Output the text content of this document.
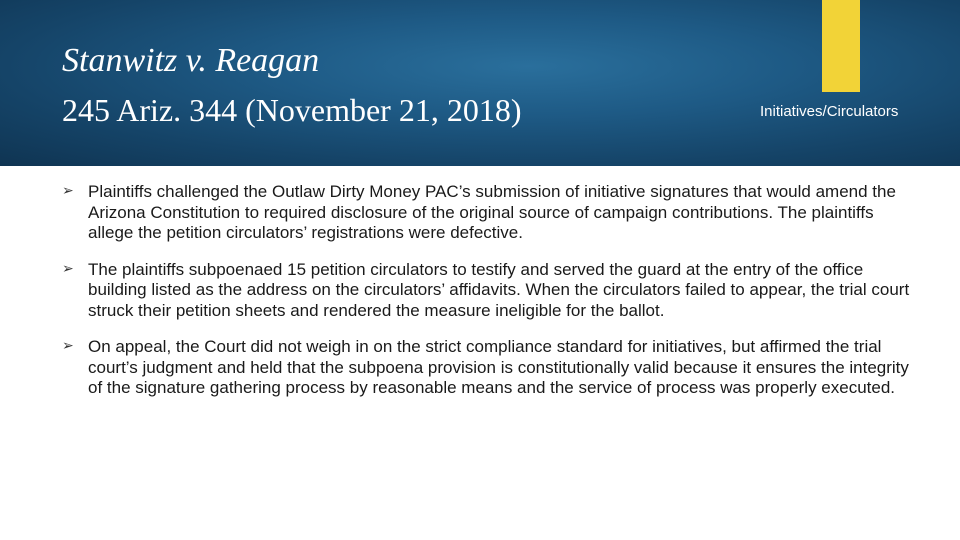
Stanwitz v. Reagan
245 Ariz. 344 (November 21, 2018)	Initiatives/Circulators
➢ Plaintiffs challenged the Outlaw Dirty Money PAC’s submission of initiative signatures that would amend the Arizona Constitution to required disclosure of the original source of campaign contributions. The plaintiffs allege the petition circulators’ registrations were defective.
➢ The plaintiffs subpoenaed 15 petition circulators to testify and served the guard at the entry of the office building listed as the address on the circulators’ affidavits. When the circulators failed to appear, the trial court struck their petition sheets and rendered the measure ineligible for the ballot.
➢ On appeal, the Court did not weigh in on the strict compliance standard for initiatives, but affirmed the trial court’s judgment and held that the subpoena provision is constitutionally valid because it ensures the integrity of the signature gathering process by reasonable means and the service of process was properly executed.
